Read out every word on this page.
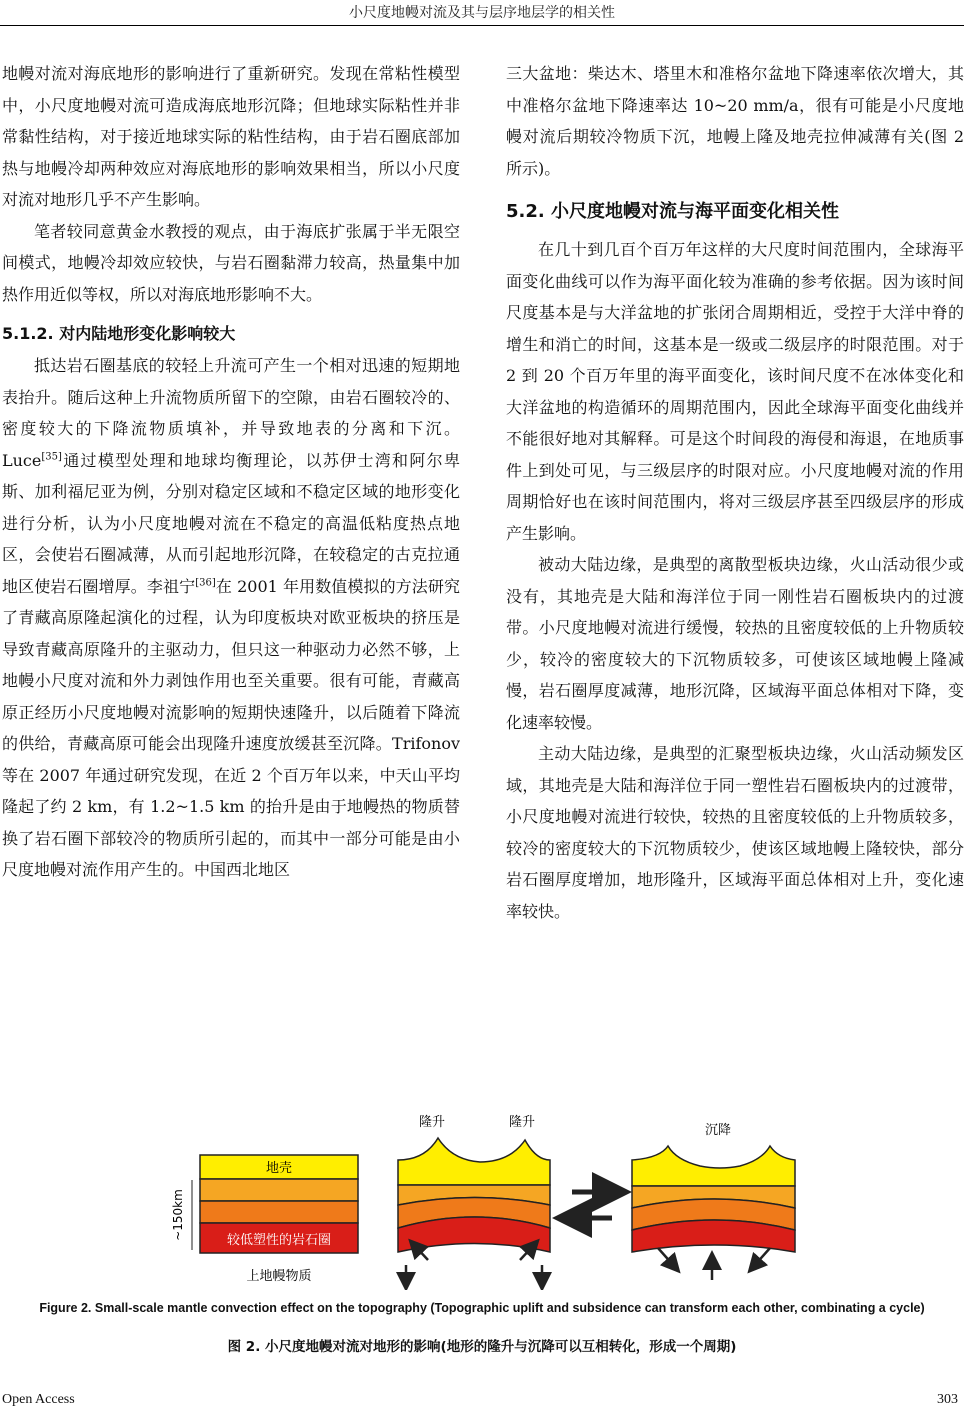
小尺度地幔对流及其与层序地层学的相关性

地幔对流对海底地形的影响进行了重新研究。发现在常粘性模型中，小尺度地幔对流可造成海底地形沉降；但地球实际粘性并非常黏性结构，对于接近地球实际的粘性结构，由于岩石圈底部加热与地幔冷却两种效应对海底地形的影响效果相当，所以小尺度对流对地形几乎不产生影响。

笔者较同意黄金水教授的观点，由于海底扩张属于半无限空间模式，地幔冷却效应较快，与岩石圈黏滞力较高，热量集中加热作用近似等权，所以对海底地形影响不大。

5.1.2. 对内陆地形变化影响较大

抵达岩石圈基底的较轻上升流可产生一个相对迅速的短期地表抬升。随后这种上升流物质所留下的空隙，由岩石圈较冷的、密度较大的下降流物质填补，并导致地表的分离和下沉。Luce[35]通过模型处理和地球均衡理论，以苏伊士湾和阿尔卑斯、加利福尼亚为例，分别对稳定区域和不稳定区域的地形变化进行分析，认为小尺度地幔对流在不稳定的高温低粘度热点地区，会使岩石圈减薄，从而引起地形沉降，在较稳定的古克拉通地区使岩石圈增厚。李祖宁[36]在 2001 年用数值模拟的方法研究了青藏高原隆起演化的过程，认为印度板块对欧亚板块的挤压是导致青藏高原隆升的主驱动力，但只这一种驱动力必然不够，上地幔小尺度对流和外力剥蚀作用也至关重要。很有可能，青藏高原正经历小尺度地幔对流影响的短期快速隆升，以后随着下降流的供给，青藏高原可能会出现隆升速度放缓甚至沉降。Trifonov 等在 2007 年通过研究发现，在近 2 个百万年以来，中天山平均隆起了约 2 km，有 1.2~1.5 km 的抬升是由于地幔热的物质替换了岩石圈下部较冷的物质所引起的，而其中一部分可能是由小尺度地幔对流作用产生的。中国西北地区

三大盆地：柴达木、塔里木和准格尔盆地下降速率依次增大，其中准格尔盆地下降速率达 10~20 mm/a，很有可能是小尺度地幔对流后期较冷物质下沉，地幔上隆及地壳拉伸减薄有关(图 2 所示)。

5.2. 小尺度地幔对流与海平面变化相关性

在几十到几百个百万年这样的大尺度时间范围内，全球海平面变化曲线可以作为海平面化较为准确的参考依据。因为该时间尺度基本是与大洋盆地的扩张闭合周期相近，受控于大洋中脊的增生和消亡的时间，这基本是一级或二级层序的时限范围。对于 2 到 20 个百万年里的海平面变化，该时间尺度不在冰体变化和大洋盆地的构造循环的周期范围内，因此全球海平面变化曲线并不能很好地对其解释。可是这个时间段的海侵和海退，在地质事件上到处可见，与三级层序的时限对应。小尺度地幔对流的作用周期恰好也在该时间范围内，将对三级层序甚至四级层序的形成产生影响。

被动大陆边缘，是典型的离散型板块边缘，火山活动很少或没有，其地壳是大陆和海洋位于同一刚性岩石圈板块内的过渡带。小尺度地幔对流进行缓慢，较热的且密度较低的上升物质较少，较冷的密度较大的下沉物质较多，可使该区域地幔上隆减慢，岩石圈厚度减薄，地形沉降，区域海平面总体相对下降，变化速率较慢。

主动大陆边缘，是典型的汇聚型板块边缘，火山活动频发区域，其地壳是大陆和海洋位于同一塑性岩石圈板块内的过渡带，小尺度地幔对流进行较快，较热的且密度较低的上升物质较多，较冷的密度较大的下沉物质较少，使该区域地幔上隆较快，部分岩石圈厚度增加，地形隆升，区域海平面总体相对上升，变化速率较快。

地壳
较低塑性的岩石圈
上地幔物质
~150km
隆升	隆升
沉降
Figure 2. Small-scale mantle convection effect on the topography (Topographic uplift and subsidence can transform each other, combinating a cycle)
图 2. 小尺度地幔对流对地形的影响(地形的隆升与沉降可以互相转化，形成一个周期)
Open Access	303
